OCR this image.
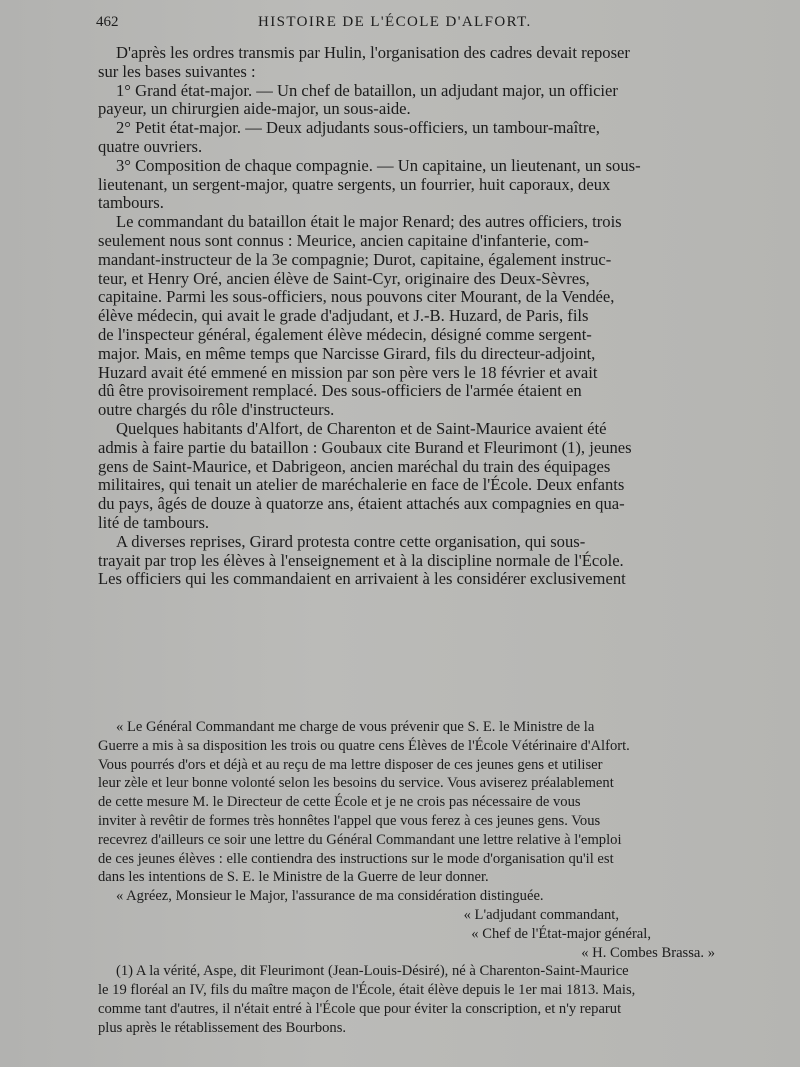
462	HISTOIRE DE L'ÉCOLE D'ALFORT.

D'après les ordres transmis par Hulin, l'organisation des cadres devait reposer

sur les bases suivantes :

1° Grand état-major. — Un chef de bataillon, un adjudant major, un officier

payeur, un chirurgien aide-major, un sous-aide.

2° Petit état-major. — Deux adjudants sous-officiers, un tambour-maître,

quatre ouvriers.

3° Composition de chaque compagnie. — Un capitaine, un lieutenant, un sous-

lieutenant, un sergent-major, quatre sergents, un fourrier, huit caporaux, deux

tambours.

Le commandant du bataillon était le major Renard; des autres officiers, trois

seulement nous sont connus : Meurice, ancien capitaine d'infanterie, com-

mandant-instructeur de la 3e compagnie; Durot, capitaine, également instruc-

teur, et Henry Oré, ancien élève de Saint-Cyr, originaire des Deux-Sèvres,

capitaine. Parmi les sous-officiers, nous pouvons citer Mourant, de la Vendée,

élève médecin, qui avait le grade d'adjudant, et J.-B. Huzard, de Paris, fils

de l'inspecteur général, également élève médecin, désigné comme sergent-

major. Mais, en même temps que Narcisse Girard, fils du directeur-adjoint,

Huzard avait été emmené en mission par son père vers le 18 février et avait

dû être provisoirement remplacé. Des sous-officiers de l'armée étaient en

outre chargés du rôle d'instructeurs.

Quelques habitants d'Alfort, de Charenton et de Saint-Maurice avaient été

admis à faire partie du bataillon : Goubaux cite Burand et Fleurimont (1), jeunes

gens de Saint-Maurice, et Dabrigeon, ancien maréchal du train des équipages

militaires, qui tenait un atelier de maréchalerie en face de l'École. Deux enfants

du pays, âgés de douze à quatorze ans, étaient attachés aux compagnies en qua-

lité de tambours.

A diverses reprises, Girard protesta contre cette organisation, qui sous-

trayait par trop les élèves à l'enseignement et à la discipline normale de l'École.

Les officiers qui les commandaient en arrivaient à les considérer exclusivement

« Le Général Commandant me charge de vous prévenir que S. E. le Ministre de la

Guerre a mis à sa disposition les trois ou quatre cens Élèves de l'École Vétérinaire d'Alfort.

Vous pourrés d'ors et déjà et au reçu de ma lettre disposer de ces jeunes gens et utiliser

leur zèle et leur bonne volonté selon les besoins du service. Vous aviserez préalablement

de cette mesure M. le Directeur de cette École et je ne crois pas nécessaire de vous

inviter à revêtir de formes très honnêtes l'appel que vous ferez à ces jeunes gens. Vous

recevrez d'ailleurs ce soir une lettre du Général Commandant une lettre relative à l'emploi

de ces jeunes élèves : elle contiendra des instructions sur le mode d'organisation qu'il est

dans les intentions de S. E. le Ministre de la Guerre de leur donner.

« Agréez, Monsieur le Major, l'assurance de ma considération distinguée.

« L'adjudant commandant,

« Chef de l'État-major général,

« H. Combes Brassa. »

(1) A la vérité, Aspe, dit Fleurimont (Jean-Louis-Désiré), né à Charenton-Saint-Maurice

le 19 floréal an IV, fils du maître maçon de l'École, était élève depuis le 1er mai 1813. Mais,

comme tant d'autres, il n'était entré à l'École que pour éviter la conscription, et n'y reparut

plus après le rétablissement des Bourbons.
